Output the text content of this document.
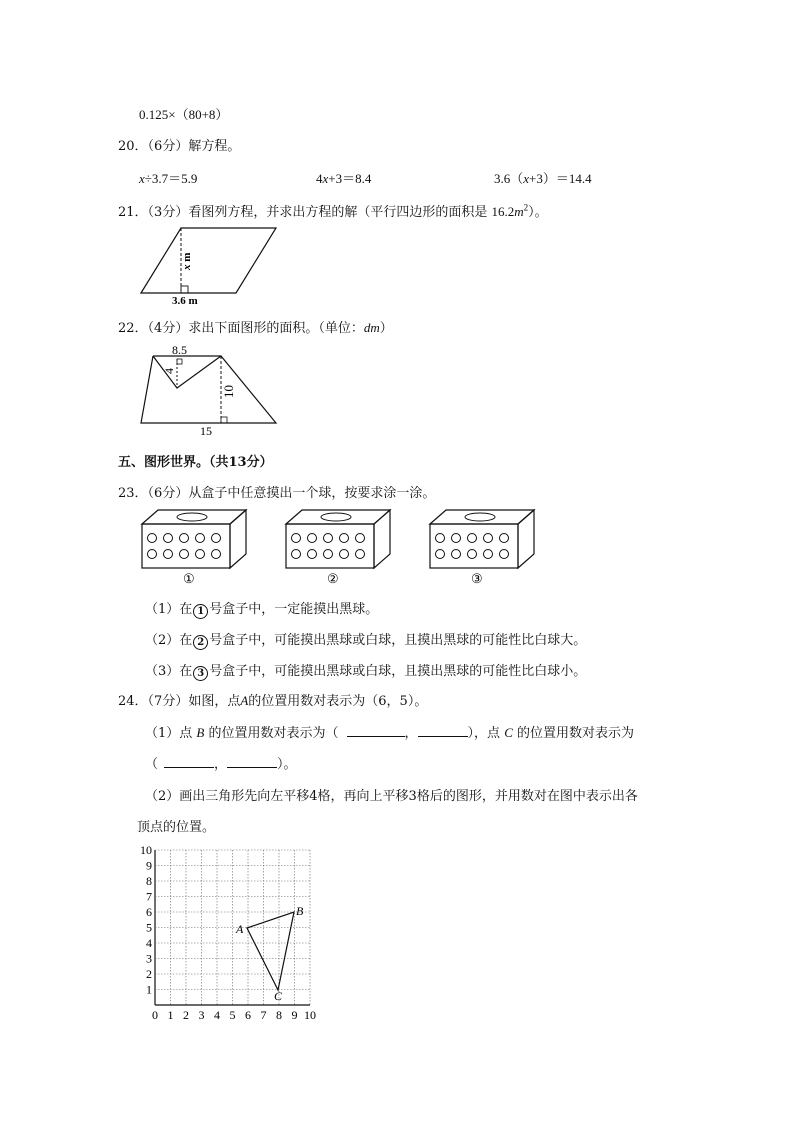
0.125×（80+8）
20．（6分）解方程。
x÷3.7＝5.9	4x+3＝8.4	3.6（x+3）＝14.4
21．（3分）看图列方程，并求出方程的解（平行四边形的面积是 $16.2m^2$）。
x m
3.6 m
22．（4分）求出下面图形的面积。（单位：dm）
8.5
4
10
15
五、图形世界。（共13分）
23．（6分）从盒子中任意摸出一个球，按要求涂一涂。
①	②	③
（1）在 1 号盒子中，一定能摸出黑球。
（2）在 2 号盒子中，可能摸出黑球或白球，且摸出黑球的可能性比白球大。
（3）在 3 号盒子中，可能摸出黑球或白球，且摸出黑球的可能性比白球小。
24．（7分）如图，点A的位置用数对表示为（6，5）。
（1）点 B 的位置用数对表示为（	，	），点 C 的位置用数对表示为
（	，	）。
（2）画出三角形先向左平移4格，再向上平移3格后的图形，并用数对在图中表示出各
顶点的位置。
0 1 2 3 4 5 6 7 8 9 10
1
2
3
4
5
6
7
8
9
10
A
B
C
